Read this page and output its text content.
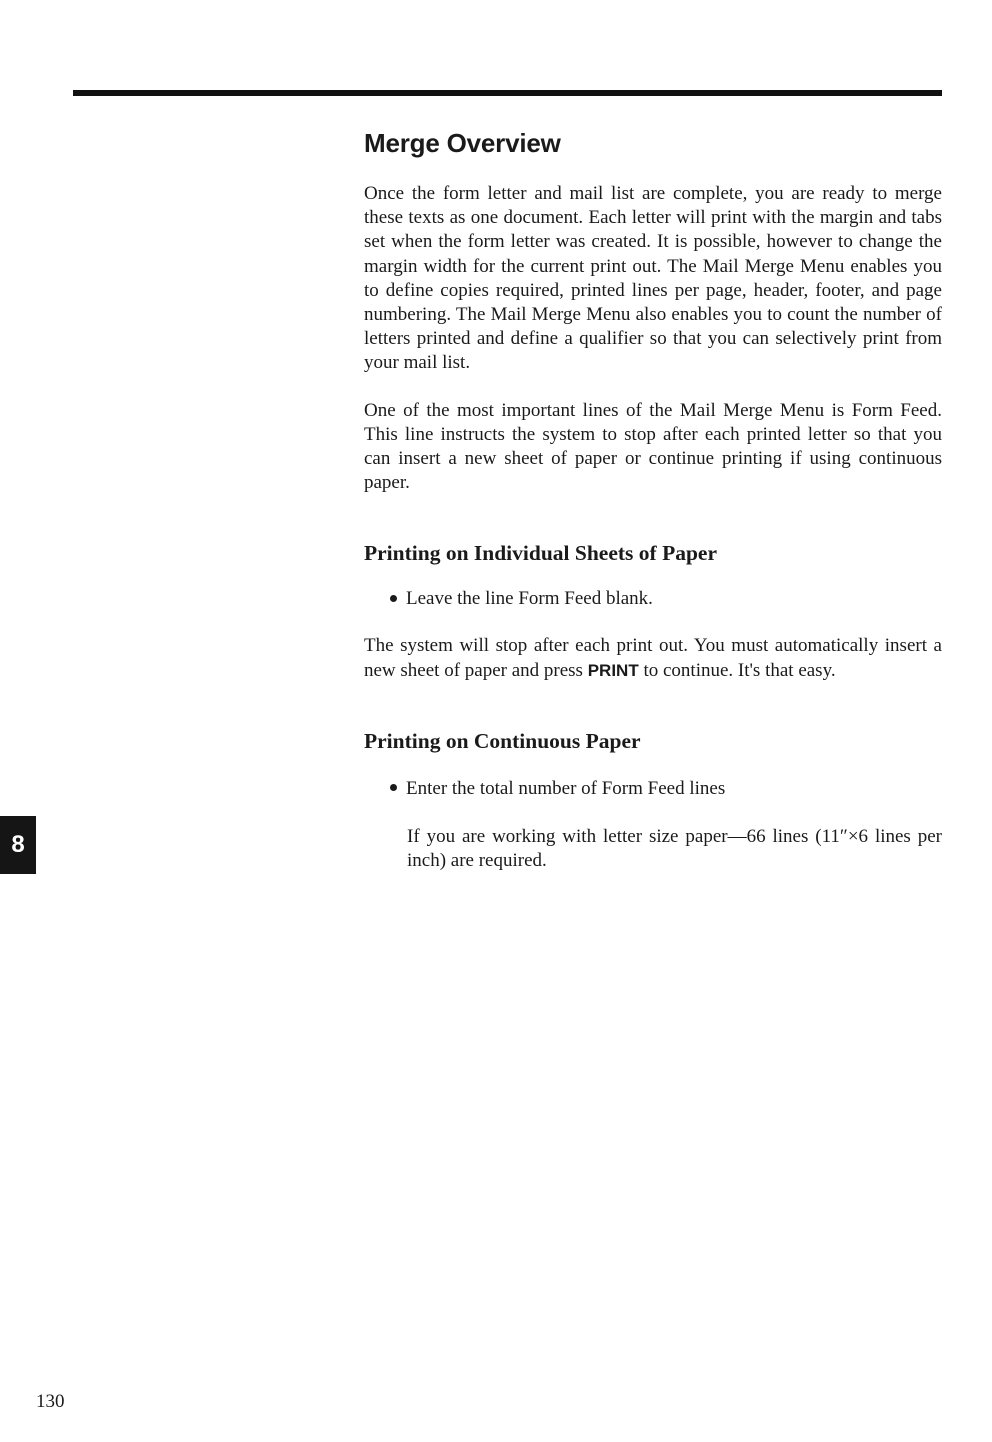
Merge Overview

Once the form letter and mail list are complete, you are ready to merge these texts as one document. Each letter will print with the margin and tabs set when the form letter was created. It is possible, however to change the margin width for the current print out. The Mail Merge Menu enables you to define copies required, printed lines per page, header, footer, and page numbering. The Mail Merge Menu also enables you to count the number of letters printed and define a qualifier so that you can selectively print from your mail list.

One of the most important lines of the Mail Merge Menu is Form Feed. This line instructs the system to stop after each printed letter so that you can insert a new sheet of paper or continue printing if using continuous paper.

Printing on Individual Sheets of Paper
Leave the line Form Feed blank.

The system will stop after each print out. You must automatically insert a new sheet of paper and press PRINT to continue. It's that easy.

Printing on Continuous Paper
Enter the total number of Form Feed lines

If you are working with letter size paper—66 lines (11″×6 lines per inch) are required.

8
130
